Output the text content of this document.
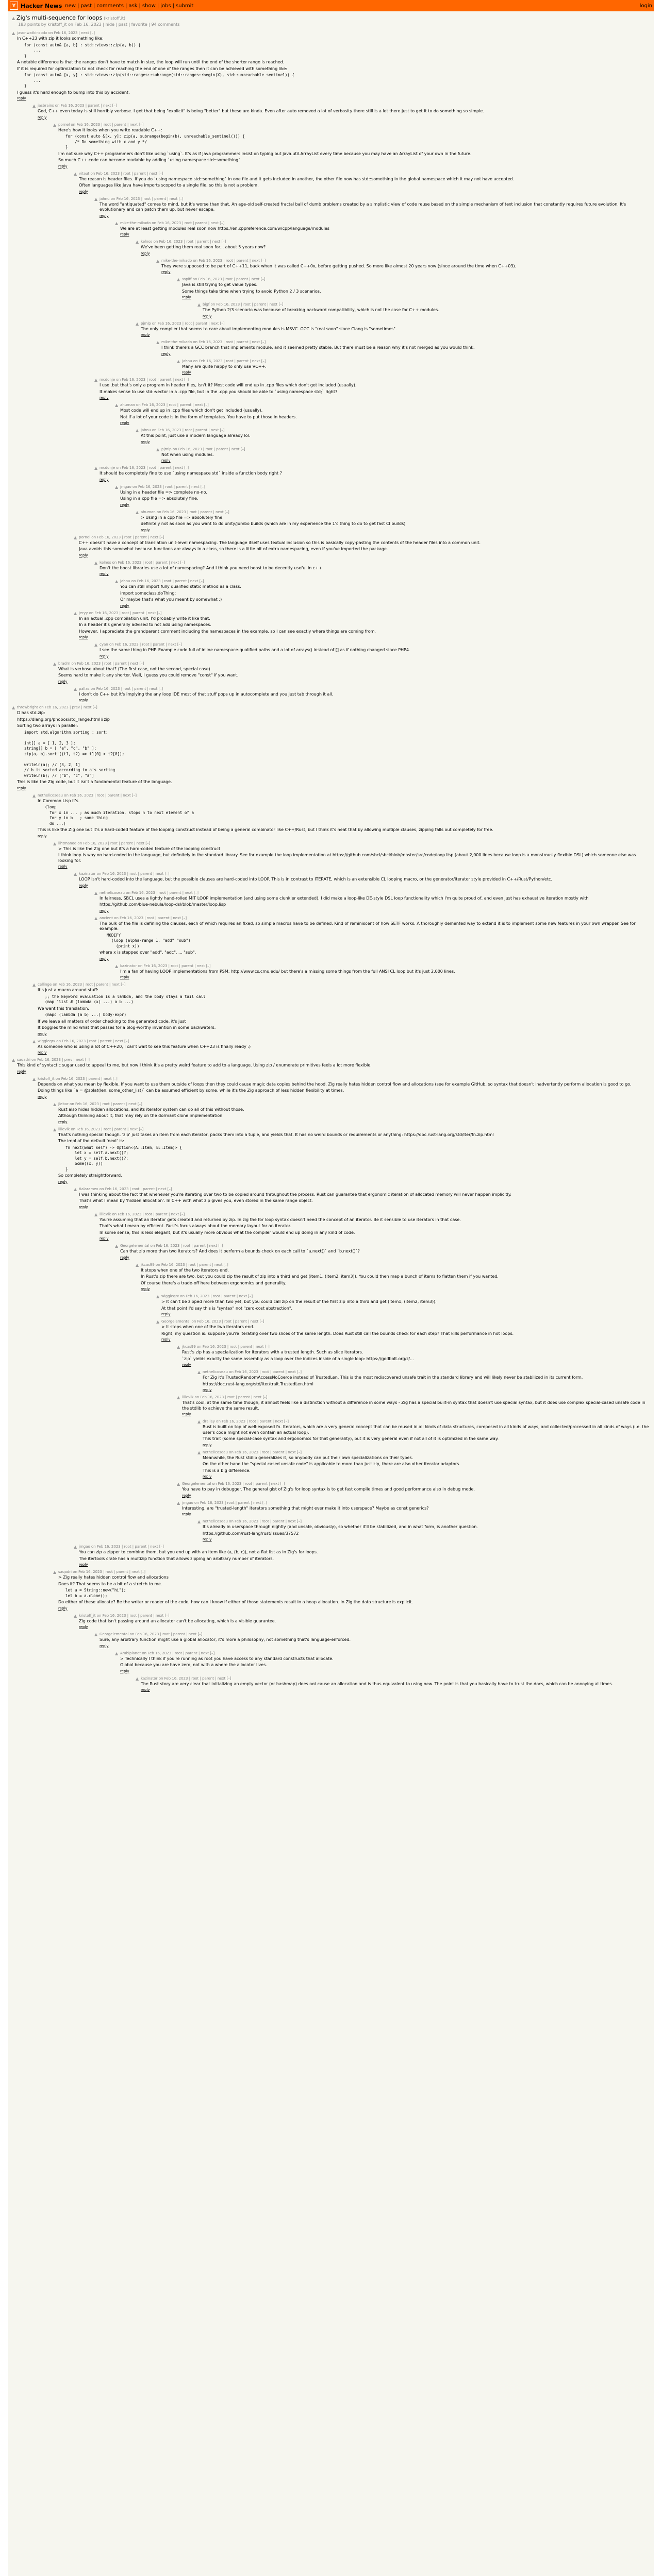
Y Hacker News new | past | comments | ask | show | jobs | submit	login
▲ Zig's multi-sequence for loops (kristoff.it)
183 points by kristoff_it on Feb 16, 2023 | hide | past | favorite | 94 comments
▲ jasonwatkinspdx on Feb 16, 2023 | next [–]

In C++23 with zip it looks something like:

for (const auto& [a, b] : std::views::zip(a, b)) {
...
}

A notable difference is that the ranges don't have to match in size, the loop will run until the end of the shorter range is reached.

If it is required for optimization to not check for reaching the end of one of the ranges then it can be achieved with something like:

for (const auto& [x, y] : std::views::zip(std::ranges::subrange(std::ranges::begin(X), std::unreachable_sentinel)) {
...
}

I guess it's hard enough to bump into this by accident.

reply
▲ jasbrains on Feb 16, 2023 | parent | next [–]

God, C++ even today is still horribly verbose. I get that being "explicit" is being "better" but these are kinda. Even after auto removed a lot of verbosity there still is a lot there just to get it to do something so simple.

reply
▲ pornel on Feb 16, 2023 | root | parent | next [–]

Here's how it looks when you write readable C++:

for (const auto &[x, y]: zip(a, subrange(begin(b), unreachable_sentinel())) {
/* Do something with x and y */
}

I'm not sure why C++ programmers don't like using `using`. It's as if Java programmers insist on typing out java.util.ArrayList every time because you may have an ArrayList of your own in the future.

So much C++ code can become readable by adding `using namespace std::something`.

reply
▲ vitaut on Feb 16, 2023 | root | parent | next [–]

The reason is header files. If you do `using namespace std::something` in one file and it gets included in another, the other file now has std::something in the global namespace which it may not have accepted.

Often languages like Java have imports scoped to a single file, so this is not a problem.

reply
▲ jahnu on Feb 16, 2023 | root | parent | next [–]

The word "antiquated" comes to mind, but it's worse than that. An age-old self-created fractal ball of dumb problems created by a simplistic view of code reuse based on the simple mechanism of text inclusion that constantly requires future evolution. It's evolutionary and can patch them up, but never escape.

reply
▲ mike-the-mikado on Feb 16, 2023 | root | parent | next [–]

We are at least getting modules real soon now https://en.cppreference.com/w/cpp/language/modules

reply
▲ kelnos on Feb 16, 2023 | root | parent | next [–]

We've been getting them real soon for... about 5 years now?

reply
▲ mike-the-mikado on Feb 16, 2023 | root | parent | next [–]

They were supposed to be part of C++11, back when it was called C++0x, before getting pushed. So more like almost 20 years now (since around the time when C++03).

reply
▲ sspiff on Feb 16, 2023 | root | parent | next [–]

Java is still trying to get value types.

Some things take time when trying to avoid Python 2 / 3 scenarios.

reply
▲ bigf on Feb 16, 2023 | root | parent | next [–]

The Python 2/3 scenario was because of breaking backward compatibility, which is not the case for C++ modules.

reply
▲ pjmlp on Feb 16, 2023 | root | parent | next [–]

The only compiler that seems to care about implementing modules is MSVC. GCC is "real soon" since Clang is "sometimes".

reply
▲ mike-the-mikado on Feb 16, 2023 | root | parent | next [–]

I think there's a GCC branch that implements module, and it seemed pretty stable. But there must be a reason why it's not merged as you would think.

reply
▲ jahnu on Feb 16, 2023 | root | parent | next [–]

Many are quite happy to only use VC++.

reply
▲ mcdonje on Feb 16, 2023 | root | parent | next [–]

I use .but that's only a program in header files, isn't it? Most code will end up in .cpp files which don't get included (usually).

It makes sense to use std::vector in a .cpp file, but in the .cpp you should be able to `using namespace std;` right?

reply
▲ ahuman on Feb 16, 2023 | root | parent | next [–]

Most code will end up in .cpp files which don't get included (usually).

Not if a lot of your code is in the form of templates. You have to put those in headers.

reply
▲ jahnu on Feb 16, 2023 | root | parent | next [–]

At this point, just use a modern language already lol.

reply
▲ pjmlp on Feb 16, 2023 | root | parent | next [–]

Not when using modules.

reply
▲ mcdonje on Feb 16, 2023 | root | parent | next [–]

It should be completely fine to use `using namespace std` inside a function body right ?

reply
▲ jmgao on Feb 16, 2023 | root | parent | next [–]

Using in a header file => complete no-no.

Using in a cpp file => absolutely fine.

reply
▲ ahuman on Feb 16, 2023 | root | parent | next [–]

> Using in a cpp file => absolutely fine.

definitely not as soon as you want to do unity/jumbo builds (which are in my experience the 1'c thing to do to get fast CI builds)

reply
▲ pornel on Feb 16, 2023 | root | parent | next [–]

C++ doesn't have a concept of translation unit-level namespacing. The language itself uses textual inclusion so this is basically copy-pasting the contents of the header files into a common unit.

Java avoids this somewhat because functions are always in a class, so there is a little bit of extra namespacing, even if you've imported the package.

reply
▲ kelnos on Feb 16, 2023 | root | parent | next [–]

Don't the boost libraries use a lot of namespacing? And I think you need boost to be decently useful in c++

reply
▲ jahnu on Feb 16, 2023 | root | parent | next [–]

You can still import fully qualified static method as a class.

import someclass.doThing;

Or maybe that's what you meant by somewhat :)

reply
▲ jeryy on Feb 16, 2023 | root | parent | next [–]

In an actual .cpp compilation unit, I'd probably write it like that.

In a header it's generally advised to not add using namespaces.

However, I appreciate the grandparent comment including the namespaces in the example, so I can see exactly where things are coming from.

reply
▲ cyan on Feb 16, 2023 | root | parent | next [–]

I see the same thing in PHP. Example code full of inline namespace-qualified paths and a lot of arrays() instead of [] as if nothing changed since PHP4.

reply
▲ bradrn on Feb 16, 2023 | root | parent | next [–]

What is verbose about that? (The first case, not the second, special case)

Seems hard to make it any shorter. Well, I guess you could remove "const" if you want.

reply
▲ pallas on Feb 16, 2023 | root | parent | next [–]

I don't do C++ but it's implying the any loop IDE most of that stuff pops up in autocomplete and you just tab through it all.

reply
▲ throwbright on Feb 16, 2023 | prev | next [–]

D has std.zip:

https://dlang.org/phobos/std_range.html#zip

Sorting two arrays in parallel:

import std.algorithm.sorting : sort;

int[] a = [ 1, 2, 3 ];
string[] b = [ "a", "c", "b" ];
zip(a, b).sort!((t1, t2) => t1[0] > t2[0]);

writeln(a); // [3, 2, 1]
// b is sorted according to a's sorting
writeln(b); // ["b", "c", "a"]

This is like the Zig code, but it isn't a fundamental feature of the language.

reply
▲ nethelicoseau on Feb 16, 2023 | root | parent | next [–]

In Common Lisp it's

(loop
for x in ... ; as much iteration, stops n to next element of a
for y in b   ; same thing
do ...)

This is like the Zig one but it's a hard-coded feature of the looping construct instead of being a general combinator like C++/Rust, but I think it's neat that by allowing multiple clauses, zipping falls out completely for free.

reply
▲ lihtmanoe on Feb 16, 2023 | root | parent | next [–]

> This is like the Zig one but it's a hard-coded feature of the looping construct

I think loop is way on hard-coded in the language, but definitely in the standard library. See for example the loop implementation at https://github.com/sbcl/sbcl/blob/master/src/code/loop.lisp (about 2,000 lines because loop is a monstrously flexible DSL) which someone else was looking for.

reply
▲ kazinator on Feb 16, 2023 | root | parent | next [–]

LOOP isn't hard-coded into the language, but the possible clauses are hard-coded into LOOP. This is in contrast to ITERATE, which is an extensible CL looping macro, or the generator/iterator style provided in C++/Rust/Python/etc.

reply
▲ nethelicoseau on Feb 16, 2023 | root | parent | next [–]

In fairness, SBCL uses a lightly hand-rolled MIT LOOP implementation (and using some clunkier extended). I did make a loop-like DE-style DSL loop functionality which I'm quite proud of, and even just has exhaustive iteration mostly with

https://github.com/blue-nebula/loop-dsl/blob/master/loop.lisp

reply
▲ ancient on Feb 16, 2023 | root | parent | next [–]

The bulk of the file is defining the clauses, each of which requires an fixed, so simple macros have to be defined. Kind of reminiscent of how SETF works. A thoroughly demented way to extend it is to implement some new features in your own wrapper. See for example:

MODIFY
(loop (alpha-range 1. "add" "sub")
(print x))

where x is stepped over "add", "adc", ... "sub".

reply
▲ kazinator on Feb 16, 2023 | root | parent | next [–]

I'm a fan of having LOOP implementations from PSM: http://www.cs.cmu.edu/ but there's a missing some things from the full ANSI CL loop but it's just 2,000 lines.

reply
▲ cellinge on Feb 16, 2023 | root | parent | next [–]

It's just a macro around stuff:

;; the keyword evaluation is a lambda, and the body stays a tail call
(map 'list #'(lambda (x) ...) a b ...)

We want this translation:

(mapc (lambda (a b) ...) body-expr)

If we leave all matters of order checking to the generated code, it's just

It boggles the mind what that passes for a blog-worthy invention in some backwaters.

reply
▲ wiggleqrx on Feb 16, 2023 | root | parent | next [–]

As someone who is using a lot of C++20, I can't wait to see this feature when C++23 is finally ready :)

reply
▲ saqadri on Feb 16, 2023 | prev | next [–]

This kind of syntactic sugar used to appeal to me, but now I think it's a pretty weird feature to add to a language. Using zip / enumerate primitives feels a lot more flexible.

reply
▲ kristoff_it on Feb 16, 2023 | parent | next [–]

Depends on what you mean by flexible. If you want to use them outside of loops then they could cause magic data copies behind the hood. Zig really hates hidden control flow and allocations (see for example GitHub, so syntax that doesn't inadvertently perform allocation is good to go.

Doing things like `a = @splat(len, some_other_list)` can be assumed efficient by some, while it's the Zig approach of less hidden flexibility at times.

reply
▲ jlebar on Feb 16, 2023 | root | parent | next [–]

Rust also hides hidden allocations, and its iterator system can do all of this without those.

Although thinking about it, that may rely on the dormant clone implementation.

reply
▲ lillevik on Feb 16, 2023 | root | parent | next [–]

That's nothing special though. 'zip' just takes an item from each iterator, packs them into a tuple, and yields that. It has no weird bounds or requirements or anything: https://doc.rust-lang.org/std/iter/fn.zip.html

The impl of the default 'next' is:

fn next(&mut self) -> Option<(A::Item, B::Item)> {
let x = self.a.next()?;
let y = self.b.next()?;
Some((x, y))
}

So completely straightforward.

reply
▲ tialaramex on Feb 16, 2023 | root | parent | next [–]

I was thinking about the fact that whenever you're iterating over two to be copied around throughout the process. Rust can guarantee that ergonomic iteration of allocated memory will never happen implicitly.

That's what I mean by 'hidden allocation'. In C++ with what zip gives you, even stored in the same range object.

reply
▲ lillevik on Feb 16, 2023 | root | parent | next [–]

You're assuming that an iterator gets created and returned by zip. In zig the for loop syntax doesn't need the concept of an iterator. Be it sensible to use iterators in that case.

That's what I mean by efficient. Rust's focus always about the memory layout for an iterator.

In some sense, this is less elegant, but it's usually more obvious what the compiler would end up doing in any kind of code.

reply
▲ Georgelemental on Feb 16, 2023 | root | parent | next [–]

Can that zip more than two iterators? And does it perform a bounds check on each call to `a.next()` and `b.next()`?

reply
▲ jkcas99 on Feb 16, 2023 | root | parent | next [–]

It stops when one of the two iterators end.

In Rust's zip there are two, but you could zip the result of zip into a third and get (item1, (item2, item3)). You could then map a bunch of items to flatten them if you wanted.

Of course there's a trade-off here between ergonomics and generality.

reply
▲ wiggleqrx on Feb 16, 2023 | root | parent | next [–]

> It can't be zipped more than two yet, but you could call zip on the result of the first zip into a third and get (item1, (item2, item3)).

At that point I'd say this is "syntax" not "zero-cost abstraction".

reply
▲ Georgelemental on Feb 16, 2023 | root | parent | next [–]

> It stops when one of the two iterators end.

Right, my question is: suppose you're iterating over two slices of the same length. Does Rust still call the bounds check for each step? That kills performance in hot loops.

reply
▲ jkcas99 on Feb 16, 2023 | root | parent | next [–]

Rust's zip has a specialization for iterators with a trusted length. Such as slice iterators.

`zip` yields exactly the same assembly as a loop over the indices inside of a single loop: https://godbolt.org/z/...

reply
▲ nethelicoseau on Feb 16, 2023 | root | parent | next [–]

For Zig it's TrustedRandomAccessNoCoerce instead of TrustedLen. This is the most rediscovered unsafe trait in the standard library and will likely never be stabilized in its current form.

https://doc.rust-lang.org/std/iter/trait.TrustedLen.html

reply
▲ lillevik on Feb 16, 2023 | root | parent | next [–]

That's cool, at the same time though, it almost feels like a distinction without a difference in some ways - Zig has a special built-in syntax that doesn't use special syntax, but it does use complex special-cased unsafe code in the stdlib to achieve the same result.

reply
▲ dralley on Feb 16, 2023 | root | parent | next [–]

Rust is built on top of well-exposed fn. Iterators, which are a very general concept that can be reused in all kinds of data structures, composed in all kinds of ways, and collected/processed in all kinds of ways (i.e. the user's code might not even contain an actual loop).

This trait (some special-case syntax and ergonomics for that generality), but it is very general even if not all of it is optimized in the same way.

reply
▲ nethelicoseau on Feb 16, 2023 | root | parent | next [–]

Meanwhile, the Rust stdlib generalizes it, so anybody can put their own specializations on their types.

On the other hand the "special cased unsafe code" is applicable to more than just zip, there are also other iterator adaptors.

This is a big difference.

reply
▲ Georgelemental on Feb 16, 2023 | root | parent | next [–]

You have to pay in debugger. The general gist of Zig's for loop syntax is to get fast compile times and good performance also in debug mode.

reply
▲ jmgao on Feb 16, 2023 | root | parent | next [–]

Interesting, are "trusted-length" iterators something that might ever make it into userspace? Maybe as const generics?

reply
▲ nethelicoseau on Feb 16, 2023 | root | parent | next [–]

It's already in userspace through nightly (and unsafe, obviously), so whether it'll be stabilized, and in what form, is another question.

https://github.com/rust-lang/rust/issues/37572

reply
▲ jmgao on Feb 16, 2023 | root | parent | next [–]

You can zip a zipper to combine them, but you end up with an item like (a, (b, c)), not a flat list as in Zig's for loops.

The itertools crate has a multizip function that allows zipping an arbitrary number of iterators.

reply
▲ saqadri on Feb 16, 2023 | root | parent | next [–]

> Zig really hates hidden control flow and allocations

Does it? That seems to be a bit of a stretch to me.

let a = String::new("hi");
let b = a.clone();

Do either of these allocate? Be the writer or reader of the code, how can I know if either of those statements result in a heap allocation. In Zig the data structure is explicit.

reply
▲ kristoff_it on Feb 16, 2023 | root | parent | next [–]

Zig code that isn't passing around an allocator can't be allocating, which is a visible guarantee.

reply
▲ Georgelemental on Feb 16, 2023 | root | parent | next [–]

Sure, any arbitrary function might use a global allocator, it's more a philosophy, not something that's language-enforced.

reply
▲ Ambiplanet on Feb 16, 2023 | root | parent | next [–]

> Technically I think if you're running as root you have access to any standard constructs that allocate.

Global because you are have zero, not with a where the allocator lives.

reply
▲ kazinator on Feb 16, 2023 | root | parent | next [–]

The Rust story are very clear that initializing an empty vector (or hashmap) does not cause an allocation and is thus equivalent to using new. The point is that you basically have to trust the docs, which can be annoying at times.

reply
